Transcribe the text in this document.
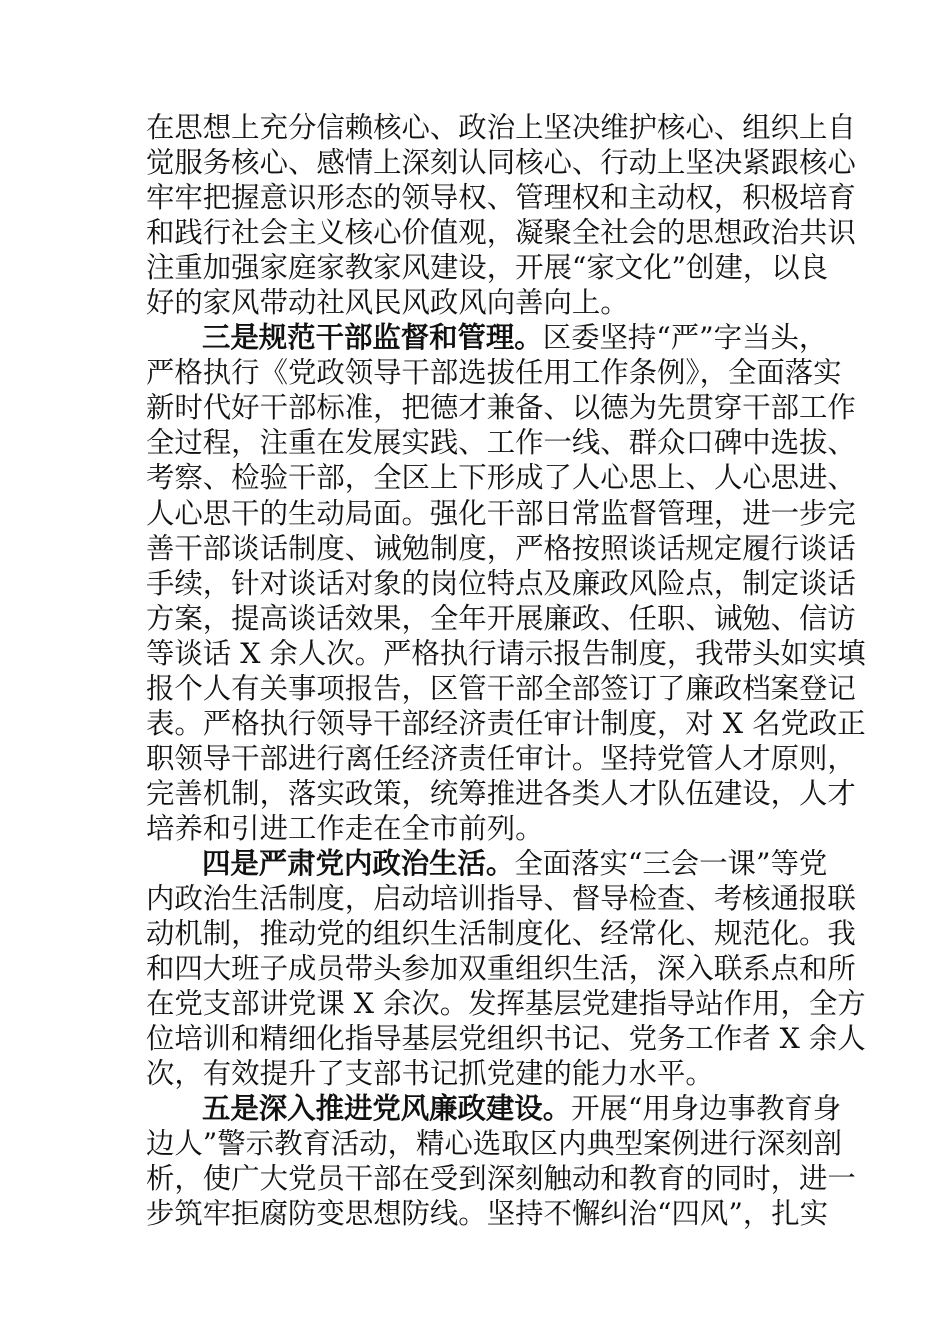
在思想上充分信赖核心、政治上坚决维护核心、组织上自
觉服务核心、感情上深刻认同核心、行动上坚决紧跟核心
牢牢把握意识形态的领导权、管理权和主动权，积极培育
和践行社会主义核心价值观，凝聚全社会的思想政治共识
注重加强家庭家教家风建设，开展“家文化”创建，以良
好的家风带动社风民风政风向善向上。
三是规范干部监督和管理。区委坚持“严”字当头，
严格执行《党政领导干部选拔任用工作条例》，全面落实
新时代好干部标准，把德才兼备、以德为先贯穿干部工作
全过程，注重在发展实践、工作一线、群众口碑中选拔、
考察、检验干部，全区上下形成了人心思上、人心思进、
人心思干的生动局面。强化干部日常监督管理，进一步完
善干部谈话制度、诫勉制度，严格按照谈话规定履行谈话
手续，针对谈话对象的岗位特点及廉政风险点，制定谈话
方案，提高谈话效果，全年开展廉政、任职、诫勉、信访
等谈话 X 余人次。严格执行请示报告制度，我带头如实填
报个人有关事项报告，区管干部全部签订了廉政档案登记
表。严格执行领导干部经济责任审计制度，对 X 名党政正
职领导干部进行离任经济责任审计。坚持党管人才原则，
完善机制，落实政策，统筹推进各类人才队伍建设，人才
培养和引进工作走在全市前列。
四是严肃党内政治生活。全面落实“三会一课”等党
内政治生活制度，启动培训指导、督导检查、考核通报联
动机制，推动党的组织生活制度化、经常化、规范化。我
和四大班子成员带头参加双重组织生活，深入联系点和所
在党支部讲党课 X 余次。发挥基层党建指导站作用，全方
位培训和精细化指导基层党组织书记、党务工作者 X 余人
次，有效提升了支部书记抓党建的能力水平。
五是深入推进党风廉政建设。开展“用身边事教育身
边人”警示教育活动，精心选取区内典型案例进行深刻剖
析，使广大党员干部在受到深刻触动和教育的同时，进一
步筑牢拒腐防变思想防线。坚持不懈纠治“四风”，扎实
